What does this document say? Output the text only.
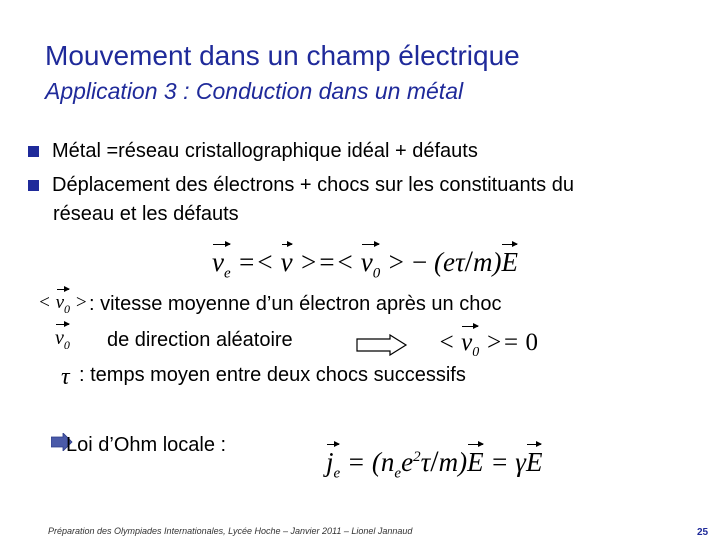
Mouvement dans un champ électrique
Application 3 : Conduction dans un métal
Métal =réseau cristallographique idéal + défauts
Déplacement des électrons + chocs sur les constituants du
réseau et les défauts
$v_e =< v$ >=< $v_0$ > − (eτ/m)E
< $v_0$ > : vitesse moyenne d’un électron après un choc
$v_0$ de direction aléatoire	< $v_0 >= 0$
τ : temps moyen entre deux chocs successifs
Loi d’Ohm locale :
$j_e = (n_ee^2\tau/m)E = \gamma E$
Préparation des Olympiades Internationales, Lycée Hoche – Janvier 2011 – Lionel Jannaud	25
